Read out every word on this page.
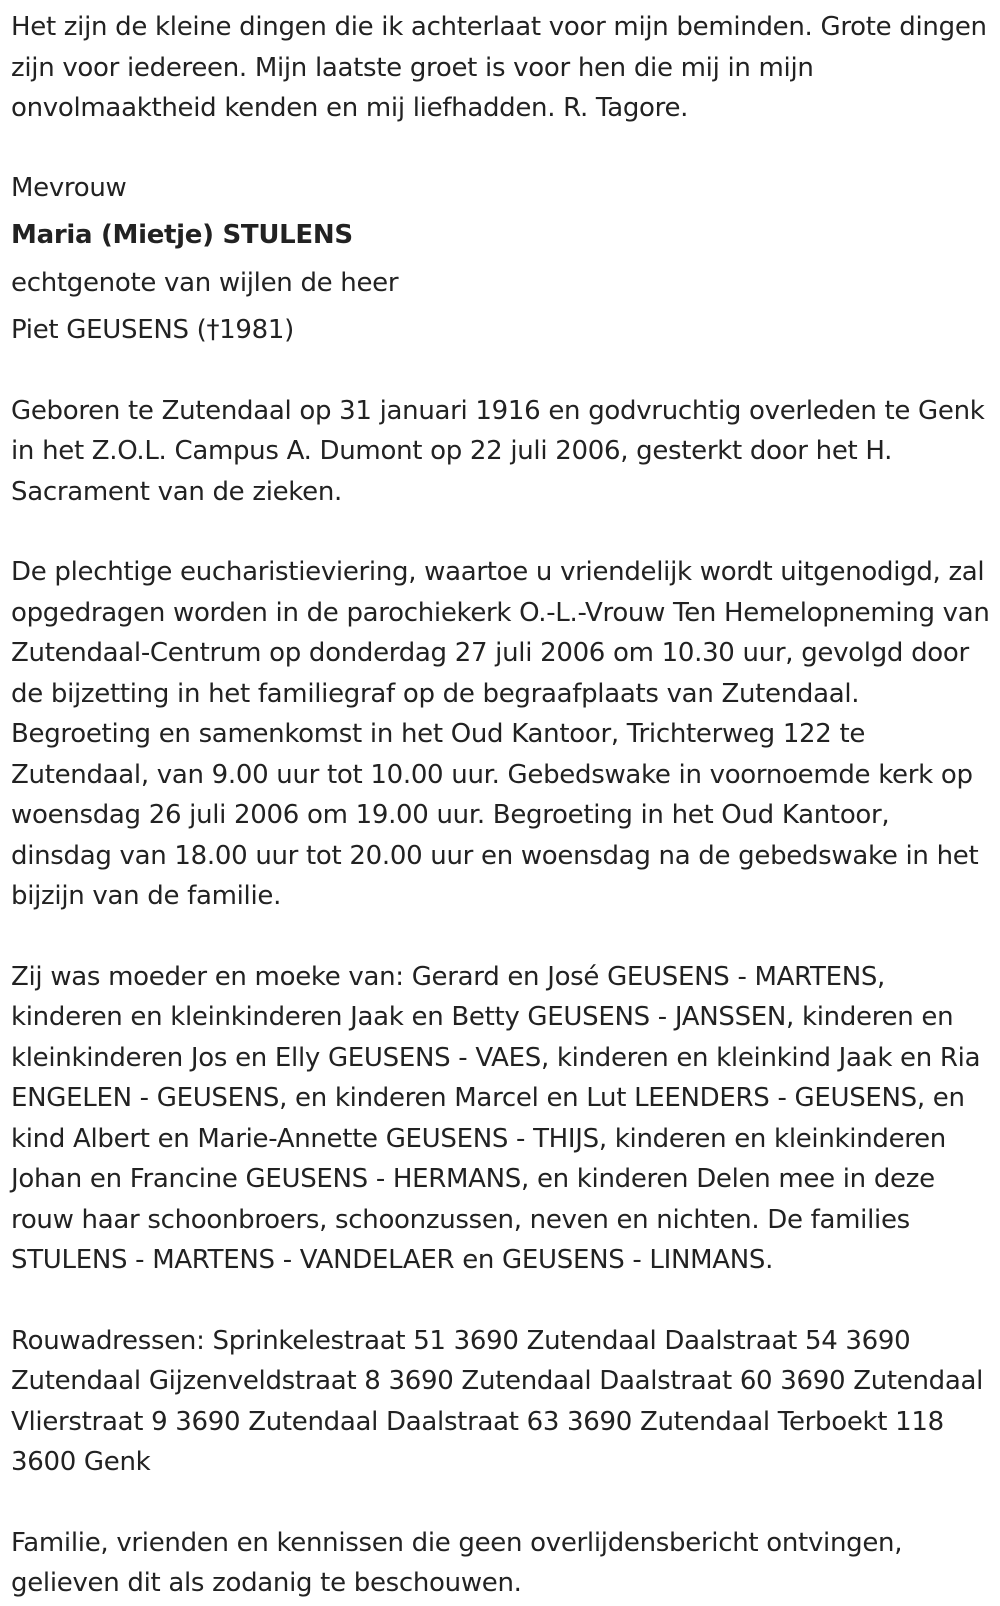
Het zijn de kleine dingen die ik achterlaat voor mijn beminden. Grote dingen zijn voor iedereen. Mijn laatste groet is voor hen die mij in mijn onvolmaaktheid kenden en mij liefhadden. R. Tagore.

Mevrouw
Maria (Mietje) STULENS
echtgenote van wijlen de heer
Piet GEUSENS (†1981)

Geboren te Zutendaal op 31 januari 1916 en godvruchtig overleden te Genk in het Z.O.L. Campus A. Dumont op 22 juli 2006, gesterkt door het H. Sacrament van de zieken.

De plechtige eucharistieviering, waartoe u vriendelijk wordt uitgenodigd, zal opgedragen worden in de parochiekerk O.-L.-Vrouw Ten Hemelopneming van Zutendaal-Centrum op donderdag 27 juli 2006 om 10.30 uur, gevolgd door de bijzetting in het familiegraf op de begraafplaats van Zutendaal. Begroeting en samenkomst in het Oud Kantoor, Trichterweg 122 te Zutendaal, van 9.00 uur tot 10.00 uur. Gebedswake in voornoemde kerk op woensdag 26 juli 2006 om 19.00 uur. Begroeting in het Oud Kantoor, dinsdag van 18.00 uur tot 20.00 uur en woensdag na de gebedswake in het bijzijn van de familie.

Zij was moeder en moeke van: Gerard en José GEUSENS - MARTENS, kinderen en kleinkinderen Jaak en Betty GEUSENS - JANSSEN, kinderen en kleinkinderen Jos en Elly GEUSENS - VAES, kinderen en kleinkind Jaak en Ria ENGELEN - GEUSENS, en kinderen Marcel en Lut LEENDERS - GEUSENS, en kind Albert en Marie-Annette GEUSENS - THIJS, kinderen en kleinkinderen Johan en Francine GEUSENS - HERMANS, en kinderen Delen mee in deze rouw haar schoonbroers, schoonzussen, neven en nichten. De families STULENS - MARTENS - VANDELAER en GEUSENS - LINMANS.

Rouwadressen: Sprinkelestraat 51 3690 Zutendaal Daalstraat 54 3690 Zutendaal Gijzenveldstraat 8 3690 Zutendaal Daalstraat 60 3690 Zutendaal Vlierstraat 9 3690 Zutendaal Daalstraat 63 3690 Zutendaal Terboekt 118 3600 Genk

Familie, vrienden en kennissen die geen overlijdensbericht ontvingen, gelieven dit als zodanig te beschouwen.
